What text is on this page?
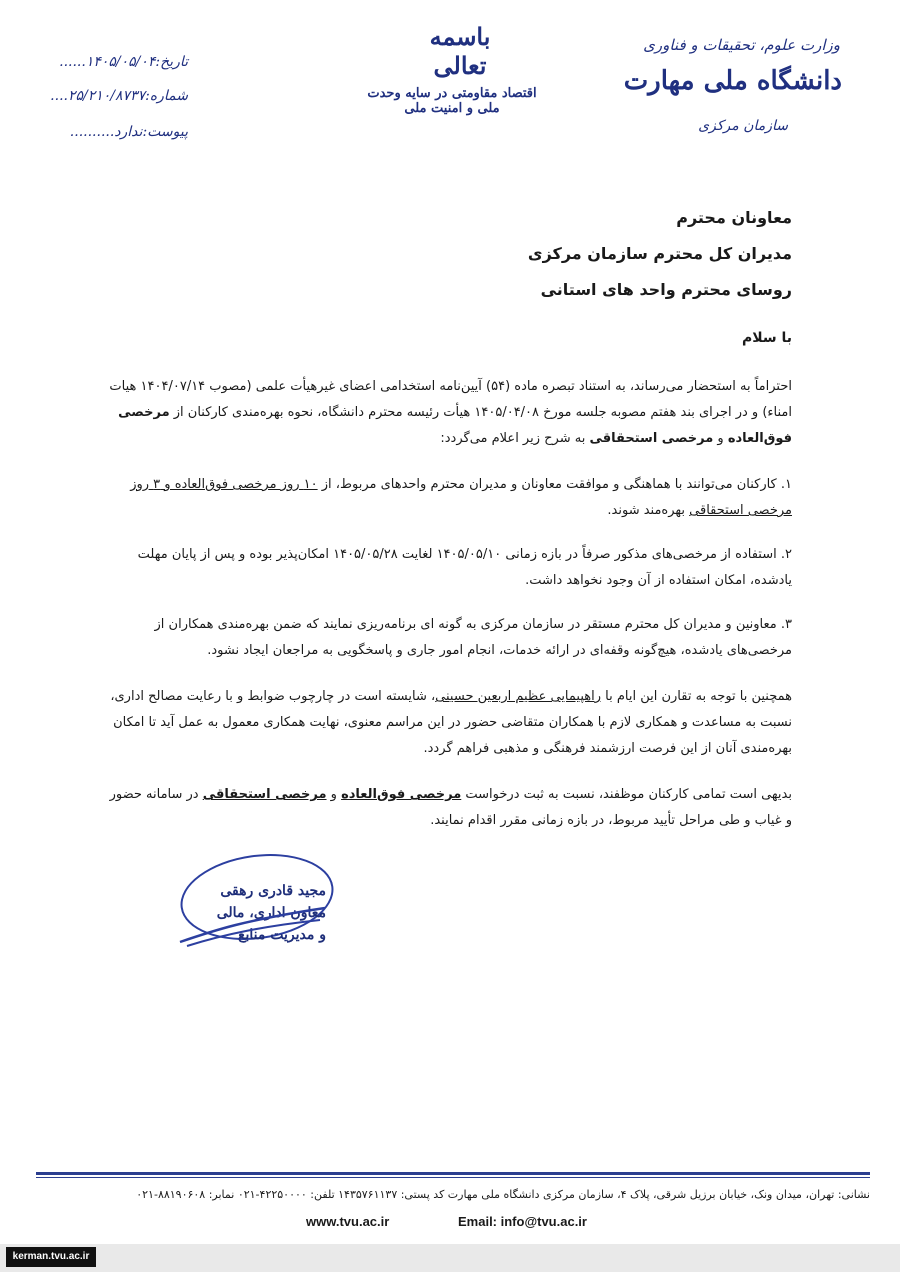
وزارت علوم، تحقیقات و فناوری
دانشگاه ملی مهارت
سازمان مرکزی
باسمه تعالی
اقتصاد مقاومتی در سایه وحدت ملی و امنیت ملی
تاریخ:۱۴۰۵/۰۵/۰۴......
شماره:۲۵/۲۱۰/۸۷۳۷....
پیوست:ندارد..........
معاونان محترم
مدیران کل محترم سازمان مرکزی
روسای محترم واحد های استانی
با سلام
احتراماً به استحضار می‌رساند، به استناد تبصره ماده (۵۴) آیین‌نامه استخدامی اعضای غیرهیأت علمی (مصوب ۱۴۰۴/۰۷/۱۴ هیات امناء) و در اجرای بند هفتم مصوبه جلسه مورخ ۱۴۰۵/۰۴/۰۸ هیأت رئیسه محترم دانشگاه، نحوه بهره‌مندی کارکنان از مرخصی فوق‌العاده و مرخصی استحقاقی به شرح زیر اعلام می‌گردد:
۱. کارکنان می‌توانند با هماهنگی و موافقت معاونان و مدیران محترم واحدهای مربوط، از ۱۰ روز مرخصی فوق‌العاده و ۳ روز مرخصی استحقاقی بهره‌مند شوند.
۲. استفاده از مرخصی‌های مذکور صرفاً در بازه زمانی ۱۴۰۵/۰۵/۱۰ لغایت ۱۴۰۵/۰۵/۲۸ امکان‌پذیر بوده و پس از پایان مهلت یادشده، امکان استفاده از آن وجود نخواهد داشت.
۳. معاونین و مدیران کل محترم مستقر در سازمان مرکزی به گونه ای برنامه‌ریزی نمایند که ضمن بهره‌مندی همکاران از مرخصی‌های یادشده، هیچ‌گونه وقفه‌ای در ارائه خدمات، انجام امور جاری و پاسخگویی به مراجعان ایجاد نشود.
همچنین با توجه به تقارن این ایام با راهپیمایی عظیم اربعین حسینی، شایسته است در چارچوب ضوابط و با رعایت مصالح اداری، نسبت به مساعدت و همکاری لازم با همکاران متقاضی حضور در این مراسم معنوی، نهایت همکاری معمول به عمل آید تا امکان بهره‌مندی آنان از این فرصت ارزشمند فرهنگی و مذهبی فراهم گردد.
بدیهی است تمامی کارکنان موظفند، نسبت به ثبت درخواست مرخصی فوق‌العاده و مرخصی استحقاقی در سامانه حضور و غیاب و طی مراحل تأیید مربوط، در بازه زمانی مقرر اقدام نمایند.
مجید قادری رهقی
معاون اداری، مالی
و مدیریت منابع
نشانی: تهران، میدان ونک، خیابان برزیل شرقی، پلاک ۴، سازمان مرکزی دانشگاه ملی مهارت کد پستی: ۱۴۳۵۷۶۱۱۳۷ تلفن: ۴۲۲۵۰۰۰۰-۰۲۱ نمابر: ۸۸۱۹۰۶۰۸-۰۲۱
www.tvu.ac.ir	Email: info@tvu.ac.ir
kerman.tvu.ac.ir
